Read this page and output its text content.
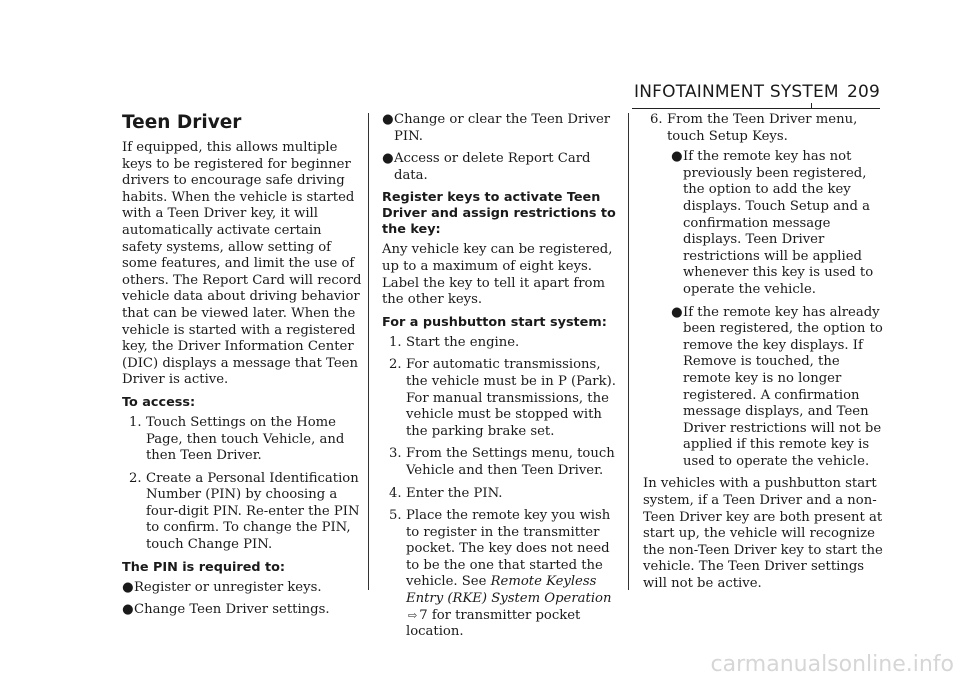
INFOTAINMENT SYSTEM 209
Teen Driver

If equipped, this allows multiple keys to be registered for beginner drivers to encourage safe driving habits. When the vehicle is started with a Teen Driver key, it will automatically activate certain safety systems, allow setting of some features, and limit the use of others. The Report Card will record vehicle data about driving behavior that can be viewed later. When the vehicle is started with a registered key, the Driver Information Center (DIC) displays a message that Teen Driver is active.

To access:
1. Touch Settings on the Home Page, then touch Vehicle, and then Teen Driver.
2. Create a Personal Identification Number (PIN) by choosing a four-digit PIN. Re-enter the PIN to confirm. To change the PIN, touch Change PIN.
The PIN is required to:
● Register or unregister keys.
● Change Teen Driver settings.
● Change or clear the Teen Driver PIN.
● Access or delete Report Card data.
Register keys to activate Teen Driver and assign restrictions to the key:

Any vehicle key can be registered, up to a maximum of eight keys. Label the key to tell it apart from the other keys.

For a pushbutton start system:
1. Start the engine.
2. For automatic transmissions, the vehicle must be in P (Park). For manual transmissions, the vehicle must be stopped with the parking brake set.
3. From the Settings menu, touch Vehicle and then Teen Driver.
4. Enter the PIN.
5. Place the remote key you wish to register in the transmitter pocket. The key does not need to be the one that started the vehicle. See Remote Keyless Entry (RKE) System Operation ⇨ 7 for transmitter pocket location.
6. From the Teen Driver menu, touch Setup Keys.
● If the remote key has not previously been registered, the option to add the key displays. Touch Setup and a confirmation message displays. Teen Driver restrictions will be applied whenever this key is used to operate the vehicle.
● If the remote key has already been registered, the option to remove the key displays. If Remove is touched, the remote key is no longer registered. A confirmation message displays, and Teen Driver restrictions will not be applied if this remote key is used to operate the vehicle.

In vehicles with a pushbutton start system, if a Teen Driver and a non-Teen Driver key are both present at start up, the vehicle will recognize the non-Teen Driver key to start the vehicle. The Teen Driver settings will not be active.

carmanualsonline.info
